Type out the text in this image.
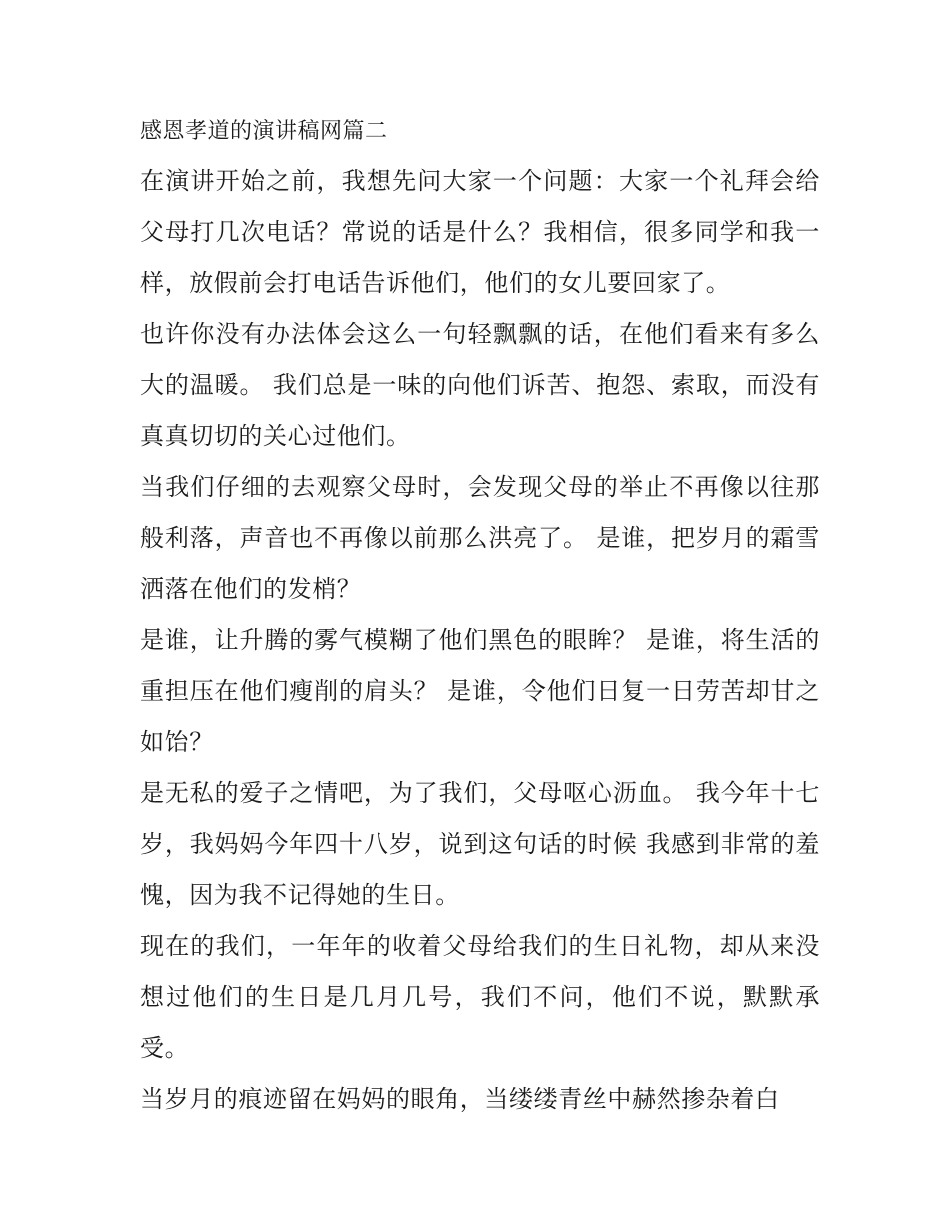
感恩孝道的演讲稿网篇二

在演讲开始之前，我想先问大家一个问题：大家一个礼拜会给父母打几次电话？常说的话是什么？我相信，很多同学和我一样，放假前会打电话告诉他们，他们的女儿要回家了。

也许你没有办法体会这么一句轻飘飘的话，在他们看来有多么大的温暖。 我们总是一味的向他们诉苦、抱怨、索取，而没有真真切切的关心过他们。

当我们仔细的去观察父母时，会发现父母的举止不再像以往那般利落，声音也不再像以前那么洪亮了。 是谁，把岁月的霜雪洒落在他们的发梢？

是谁，让升腾的雾气模糊了他们黑色的眼眸？ 是谁，将生活的重担压在他们瘦削的肩头？ 是谁，令他们日复一日劳苦却甘之如饴？

是无私的爱子之情吧，为了我们，父母呕心沥血。 我今年十七岁，我妈妈今年四十八岁，说到这句话的时候 我感到非常的羞愧，因为我不记得她的生日。

现在的我们，一年年的收着父母给我们的生日礼物，却从来没想过他们的生日是几月几号，我们不问，他们不说，默默承受。

当岁月的痕迹留在妈妈的眼角，当缕缕青丝中赫然掺杂着白
